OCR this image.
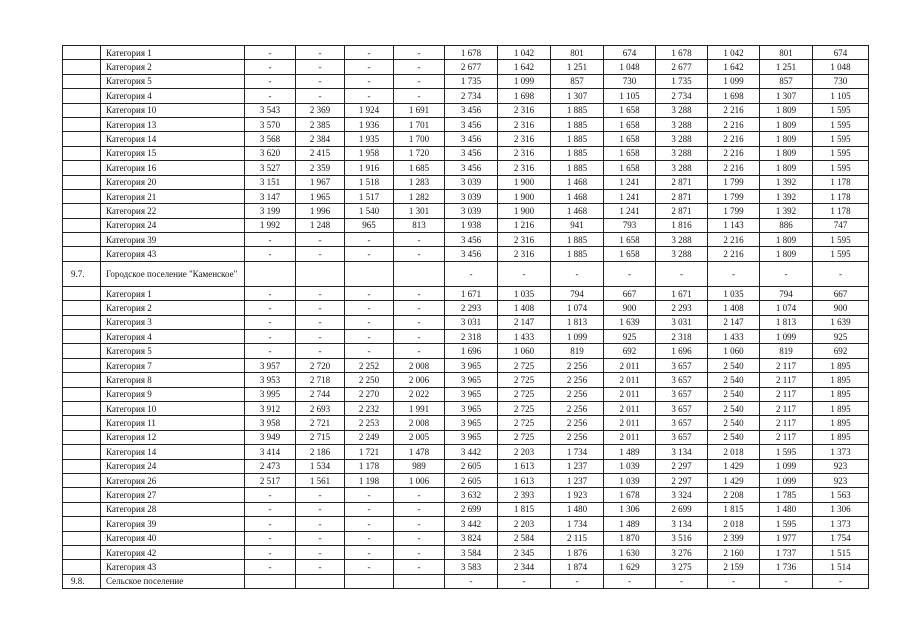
	Категория 1	-	-	-	-	1 678	1 042	801	674	1 678	1 042	801	674
	Категория 2	-	-	-	-	2 677	1 642	1 251	1 048	2 677	1 642	1 251	1 048
	Категория 5	-	-	-	-	1 735	1 099	857	730	1 735	1 099	857	730
	Категория 4	-	-	-	-	2 734	1 698	1 307	1 105	2 734	1 698	1 307	1 105
	Категория 10	3 543	2 369	1 924	1 691	3 456	2 316	1 885	1 658	3 288	2 216	1 809	1 595
	Категория 13	3 570	2 385	1 936	1 701	3 456	2 316	1 885	1 658	3 288	2 216	1 809	1 595
	Категория 14	3 568	2 384	1 935	1 700	3 456	2 316	1 885	1 658	3 288	2 216	1 809	1 595
	Категория 15	3 620	2 415	1 958	1 720	3 456	2 316	1 885	1 658	3 288	2 216	1 809	1 595
	Категория 16	3 527	2 359	1 916	1 685	3 456	2 316	1 885	1 658	3 288	2 216	1 809	1 595
	Категория 20	3 151	1 967	1 518	1 283	3 039	1 900	1 468	1 241	2 871	1 799	1 392	1 178
	Категория 21	3 147	1 965	1 517	1 282	3 039	1 900	1 468	1 241	2 871	1 799	1 392	1 178
	Категория 22	3 199	1 996	1 540	1 301	3 039	1 900	1 468	1 241	2 871	1 799	1 392	1 178
	Категория 24	1 992	1 248	965	813	1 938	1 216	941	793	1 816	1 143	886	747
	Категория 39	-	-	-	-	3 456	2 316	1 885	1 658	3 288	2 216	1 809	1 595
	Категория 43	-	-	-	-	3 456	2 316	1 885	1 658	3 288	2 216	1 809	1 595
9.7.	Городское поселение "Каменское"					-	-	-	-	-	-	-	-
	Категория 1	-	-	-	-	1 671	1 035	794	667	1 671	1 035	794	667
	Категория 2	-	-	-	-	2 293	1 408	1 074	900	2 293	1 408	1 074	900
	Категория 3	-	-	-	-	3 031	2 147	1 813	1 639	3 031	2 147	1 813	1 639
	Категория 4	-	-	-	-	2 318	1 433	1 099	925	2 318	1 433	1 099	925
	Категория 5	-	-	-	-	1 696	1 060	819	692	1 696	1 060	819	692
	Категория 7	3 957	2 720	2 252	2 008	3 965	2 725	2 256	2 011	3 657	2 540	2 117	1 895
	Категория 8	3 953	2 718	2 250	2 006	3 965	2 725	2 256	2 011	3 657	2 540	2 117	1 895
	Категория 9	3 995	2 744	2 270	2 022	3 965	2 725	2 256	2 011	3 657	2 540	2 117	1 895
	Категория 10	3 912	2 693	2 232	1 991	3 965	2 725	2 256	2 011	3 657	2 540	2 117	1 895
	Категория 11	3 958	2 721	2 253	2 008	3 965	2 725	2 256	2 011	3 657	2 540	2 117	1 895
	Категория 12	3 949	2 715	2 249	2 005	3 965	2 725	2 256	2 011	3 657	2 540	2 117	1 895
	Категория 14	3 414	2 186	1 721	1 478	3 442	2 203	1 734	1 489	3 134	2 018	1 595	1 373
	Категория 24	2 473	1 534	1 178	989	2 605	1 613	1 237	1 039	2 297	1 429	1 099	923
	Категория 26	2 517	1 561	1 198	1 006	2 605	1 613	1 237	1 039	2 297	1 429	1 099	923
	Категория 27	-	-	-	-	3 632	2 393	1 923	1 678	3 324	2 208	1 785	1 563
	Категория 28	-	-	-	-	2 699	1 815	1 480	1 306	2 699	1 815	1 480	1 306
	Категория 39	-	-	-	-	3 442	2 203	1 734	1 489	3 134	2 018	1 595	1 373
	Категория 40	-	-	-	-	3 824	2 584	2 115	1 870	3 516	2 399	1 977	1 754
	Категория 42	-	-	-	-	3 584	2 345	1 876	1 630	3 276	2 160	1 737	1 515
	Категория 43	-	-	-	-	3 583	2 344	1 874	1 629	3 275	2 159	1 736	1 514
9.8.	Сельское поселение					-	-	-	-	-	-	-	-
